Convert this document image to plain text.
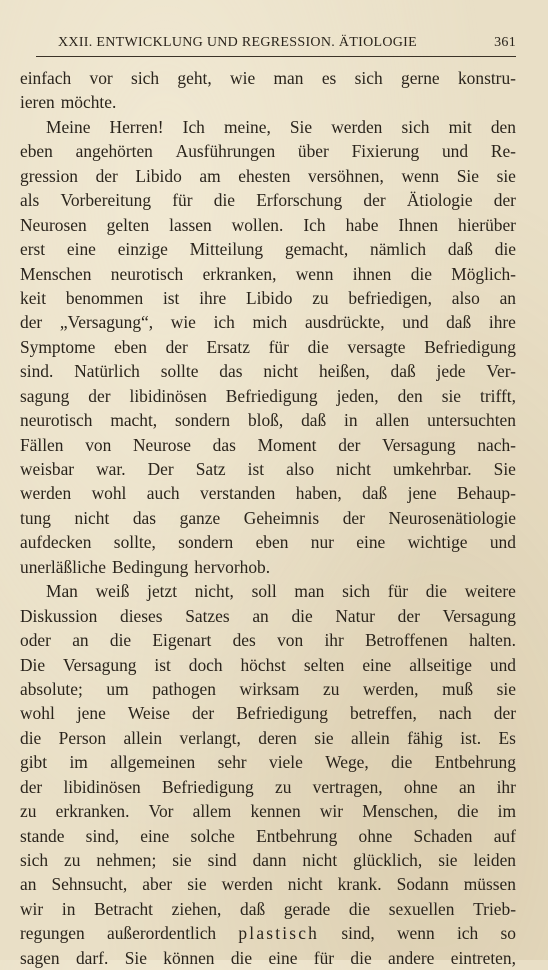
XXII. ENTWICKLUNG UND REGRESSION. ÄTIOLOGIE	361
einfach vor sich geht, wie man es sich gerne konstru-
ieren möchte.
Meine Herren! Ich meine, Sie werden sich mit den
eben angehörten Ausführungen über Fixierung und Re-
gression der Libido am ehesten versöhnen, wenn Sie sie
als Vorbereitung für die Erforschung der Ätiologie der
Neurosen gelten lassen wollen. Ich habe Ihnen hierüber
erst eine einzige Mitteilung gemacht, nämlich daß die
Menschen neurotisch erkranken, wenn ihnen die Möglich-
keit benommen ist ihre Libido zu befriedigen, also an
der „Versagung“, wie ich mich ausdrückte, und daß ihre
Symptome eben der Ersatz für die versagte Befriedigung
sind. Natürlich sollte das nicht heißen, daß jede Ver-
sagung der libidinösen Befriedigung jeden, den sie trifft,
neurotisch macht, sondern bloß, daß in allen untersuchten
Fällen von Neurose das Moment der Versagung nach-
weisbar war. Der Satz ist also nicht umkehrbar. Sie
werden wohl auch verstanden haben, daß jene Behaup-
tung nicht das ganze Geheimnis der Neurosenätiologie
aufdecken sollte, sondern eben nur eine wichtige und
unerläßliche Bedingung hervorhob.
Man weiß jetzt nicht, soll man sich für die weitere
Diskussion dieses Satzes an die Natur der Versagung
oder an die Eigenart des von ihr Betroffenen halten.
Die Versagung ist doch höchst selten eine allseitige und
absolute; um pathogen wirksam zu werden, muß sie
wohl jene Weise der Befriedigung betreffen, nach der
die Person allein verlangt, deren sie allein fähig ist. Es
gibt im allgemeinen sehr viele Wege, die Entbehrung
der libidinösen Befriedigung zu vertragen, ohne an ihr
zu erkranken. Vor allem kennen wir Menschen, die im
stande sind, eine solche Entbehrung ohne Schaden auf
sich zu nehmen; sie sind dann nicht glücklich, sie leiden
an Sehnsucht, aber sie werden nicht krank. Sodann müssen
wir in Betracht ziehen, daß gerade die sexuellen Trieb-
regungen außerordentlich plastisch sind, wenn ich so
sagen darf. Sie können die eine für die andere eintreten,
